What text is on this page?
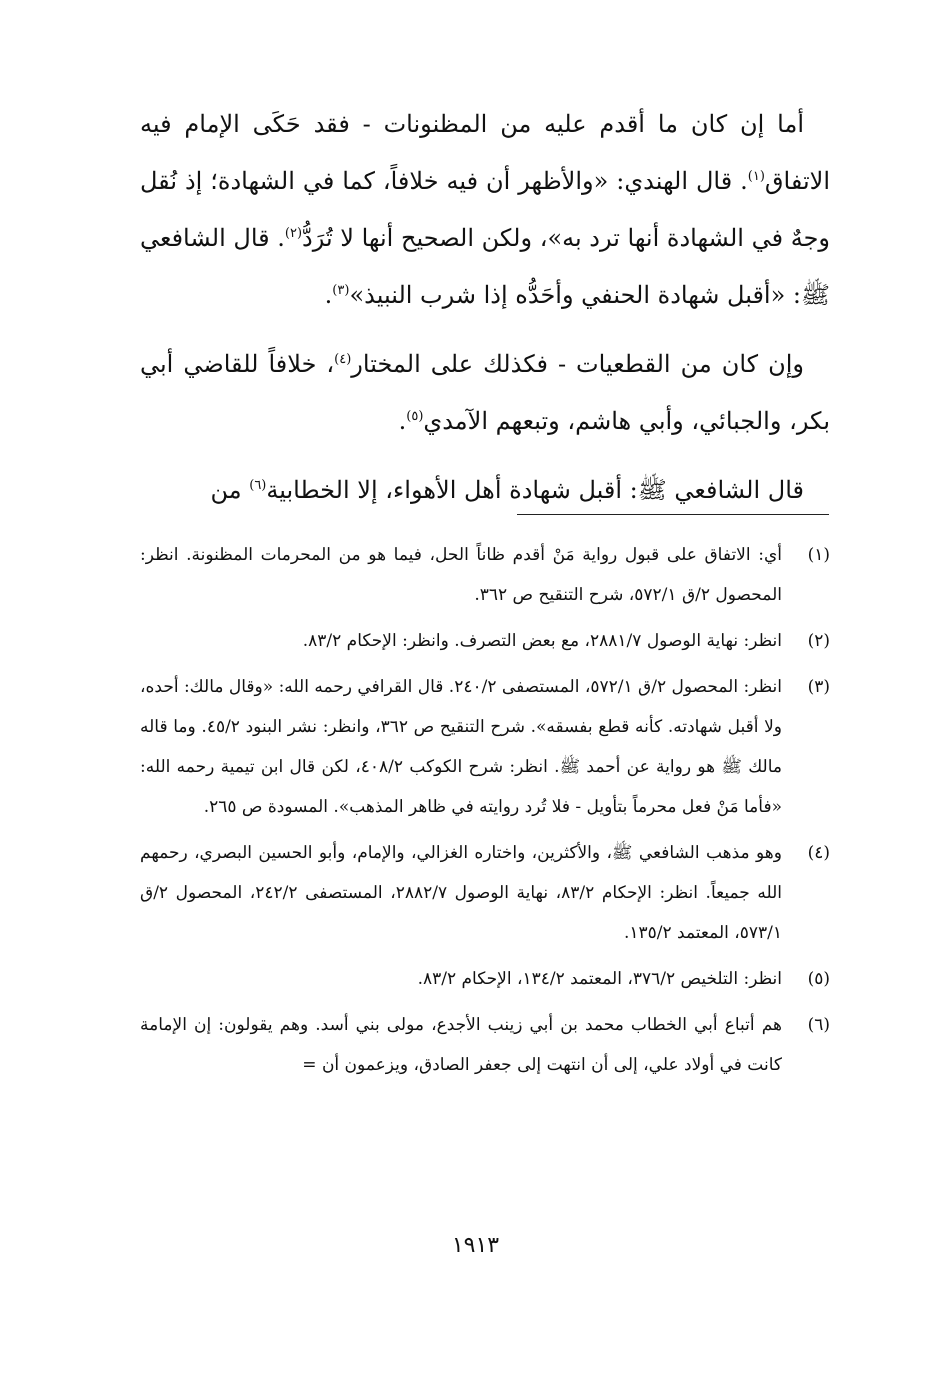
أما إن كان ما أقدم عليه من المظنونات - فقد حَكَى الإمام فيه الاتفاق$^{(١)}$. قال الهندي: «والأظهر أن فيه خلافاً، كما في الشهادة؛ إذ نُقل وجهٌ في الشهادة أنها ترد به»، ولكن الصحيح أنها لا تُرَدُّ$^{(٢)}$. قال الشافعي ﷺ: «أقبل شهادة الحنفي وأحَدُّه إذا شرب النبيذ»$^{(٣)}$.

وإن كان من القطعيات - فكذلك على المختار$^{(٤)}$، خلافاً للقاضي أبي بكر، والجبائي، وأبي هاشم، وتبعهم الآمدي$^{(٥)}$.

قال الشافعي ﷺ: أقبل شهادة أهل الأهواء، إلا الخطابية$^{(٦)}$ من

(١)
أي: الاتفاق على قبول رواية مَنْ أقدم ظاناً الحل، فيما هو من المحرمات المظنونة. انظر: المحصول ٢/ق ٥٧٢/١، شرح التنقيح ص ٣٦٢.
(٢)
انظر: نهاية الوصول ٢٨٨١/٧، مع بعض التصرف. وانظر: الإحكام ٨٣/٢.
(٣)
انظر: المحصول ٢/ق ٥٧٢/١، المستصفى ٢٤٠/٢. قال القرافي رحمه الله: «وقال مالك: أحده، ولا أقبل شهادته. كأنه قطع بفسقه». شرح التنقيح ص ٣٦٢، وانظر: نشر البنود ٤٥/٢. وما قاله مالك ﷺ هو رواية عن أحمد ﷺ. انظر: شرح الكوكب ٤٠٨/٢، لكن قال ابن تيمية رحمه الله: «فأما مَنْ فعل محرماً بتأويل - فلا تُرد روايته في ظاهر المذهب». المسودة ص ٢٦٥.
(٤)
وهو مذهب الشافعي ﷺ، والأكثرين، واختاره الغزالي، والإمام، وأبو الحسين البصري، رحمهم الله جميعاً. انظر: الإحكام ٨٣/٢، نهاية الوصول ٢٨٨٢/٧، المستصفى ٢٤٢/٢، المحصول ٢/ق ٥٧٣/١، المعتمد ١٣٥/٢.
(٥)
انظر: التلخيص ٣٧٦/٢، المعتمد ١٣٤/٢، الإحكام ٨٣/٢.
(٦)
هم أتباع أبي الخطاب محمد بن أبي زينب الأجدع، مولى بني أسد. وهم يقولون: إن الإمامة كانت في أولاد علي، إلى أن انتهت إلى جعفر الصادق، ويزعمون أن =
١٩١٣
